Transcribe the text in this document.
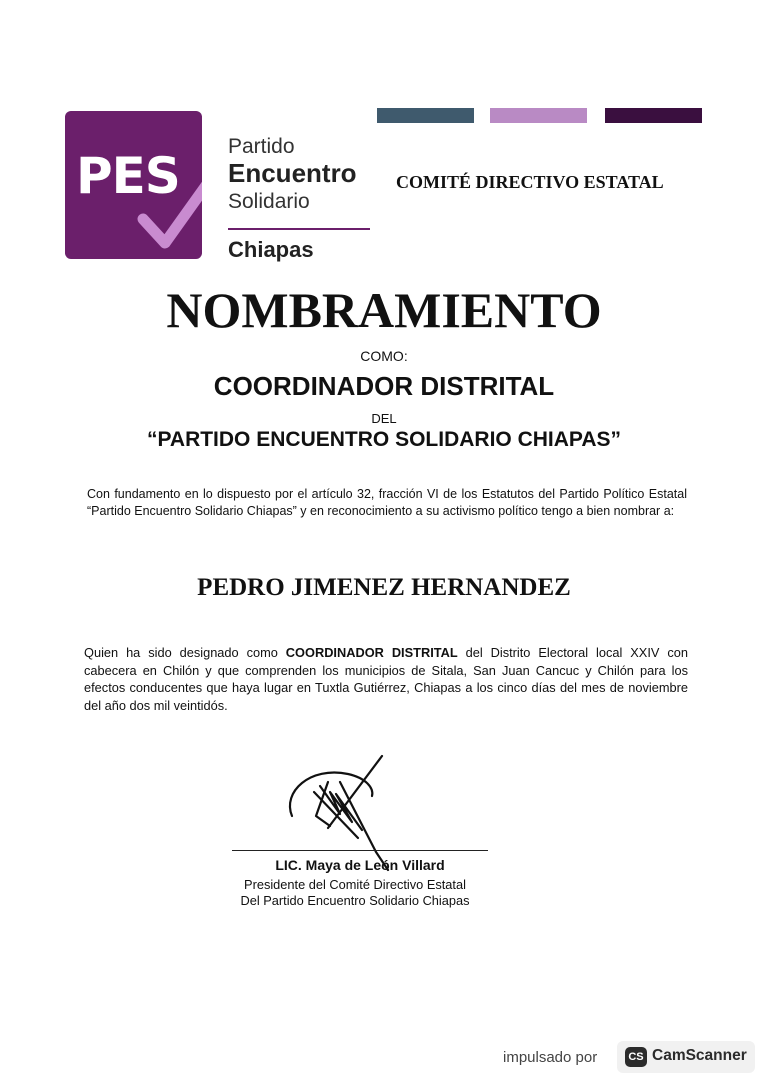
PES
Partido
Encuentro
Solidario
Chiapas
COMITÉ DIRECTIVO ESTATAL
NOMBRAMIENTO
COMO:
COORDINADOR DISTRITAL
DEL
“PARTIDO ENCUENTRO SOLIDARIO CHIAPAS”
Con fundamento en lo dispuesto por el artículo 32, fracción VI de los Estatutos del Partido Político Estatal “Partido Encuentro Solidario Chiapas” y en reconocimiento a su activismo político tengo a bien nombrar a:
PEDRO JIMENEZ HERNANDEZ
Quien ha sido designado como COORDINADOR DISTRITAL del Distrito Electoral local XXIV con cabecera en Chilón y que comprenden los municipios de Sitala, San Juan Cancuc y Chilón para los efectos conducentes que haya lugar en Tuxtla Gutiérrez, Chiapas a los cinco días del mes de noviembre del año dos mil veintidós.
LIC. Maya de León Villard
Presidente del Comité Directivo Estatal
Del Partido Encuentro Solidario Chiapas
impulsado por	CS CamScanner
